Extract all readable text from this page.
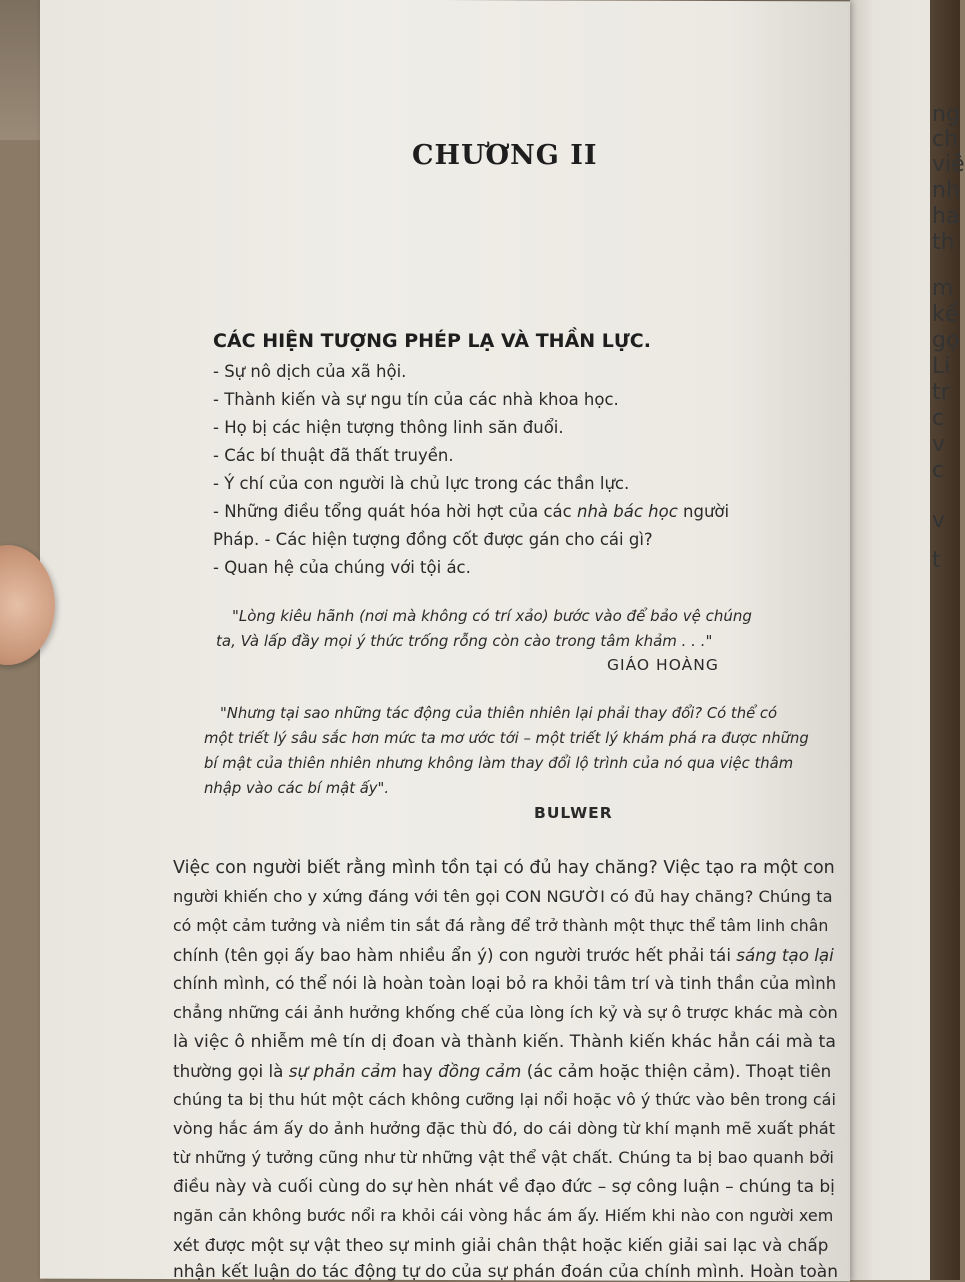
ng
ch
viê
nh
ha
th
m
kế
gọ
Li
tr
c
v
c
v
t
CHƯƠNG II
CÁC HIỆN TƯỢNG PHÉP LẠ VÀ THẦN LỰC.
- Sự nô dịch của xã hội.
- Thành kiến và sự ngu tín của các nhà khoa học.
- Họ bị các hiện tượng thông linh săn đuổi.
- Các bí thuật đã thất truyền.
- Ý chí của con người là chủ lực trong các thần lực.
- Những điều tổng quát hóa hời hợt của các nhà bác học người
Pháp. - Các hiện tượng đồng cốt được gán cho cái gì?
- Quan hệ của chúng với tội ác.
"Lòng kiêu hãnh (nơi mà không có trí xảo) bước vào để bảo vệ chúng
ta, Và lấp đầy mọi ý thức trống rỗng còn cào trong tâm khảm . . ."
GIÁO HOÀNG
"Nhưng tại sao những tác động của thiên nhiên lại phải thay đổi? Có thể có
một triết lý sâu sắc hơn mức ta mơ ước tới – một triết lý khám phá ra được những
bí mật của thiên nhiên nhưng không làm thay đổi lộ trình của nó qua việc thâm
nhập vào các bí mật ấy".
BULWER
Việc con người biết rằng mình tồn tại có đủ hay chăng? Việc tạo ra một con
người khiến cho y xứng đáng với tên gọi CON NGƯỜI có đủ hay chăng? Chúng ta
có một cảm tưởng và niềm tin sắt đá rằng để trở thành một thực thể tâm linh chân
chính (tên gọi ấy bao hàm nhiều ẩn ý) con người trước hết phải tái sáng tạo lại
chính mình, có thể nói là hoàn toàn loại bỏ ra khỏi tâm trí và tinh thần của mình
chẳng những cái ảnh hưởng khống chế của lòng ích kỷ và sự ô trược khác mà còn
là việc ô nhiễm mê tín dị đoan và thành kiến. Thành kiến khác hẳn cái mà ta
thường gọi là sự phản cảm hay đồng cảm (ác cảm hoặc thiện cảm). Thoạt tiên
chúng ta bị thu hút một cách không cưỡng lại nổi hoặc vô ý thức vào bên trong cái
vòng hắc ám ấy do ảnh hưởng đặc thù đó, do cái dòng từ khí mạnh mẽ xuất phát
từ những ý tưởng cũng như từ những vật thể vật chất. Chúng ta bị bao quanh bởi
điều này và cuối cùng do sự hèn nhát về đạo đức – sợ công luận – chúng ta bị
ngăn cản không bước nổi ra khỏi cái vòng hắc ám ấy. Hiếm khi nào con người xem
xét được một sự vật theo sự minh giải chân thật hoặc kiến giải sai lạc và chấp
nhận kết luận do tác động tự do của sự phán đoán của chính mình. Hoàn toàn
